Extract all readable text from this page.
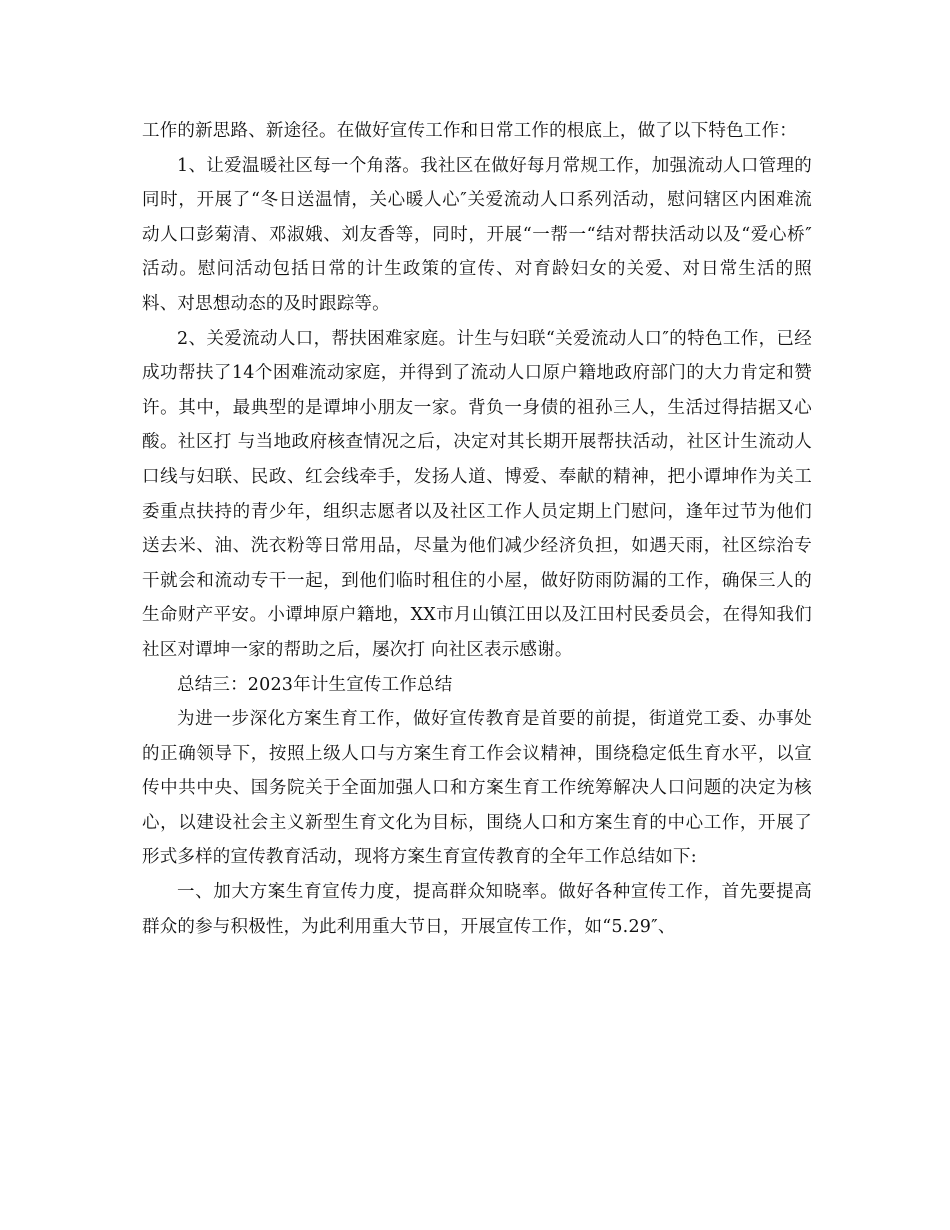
工作的新思路、新途径。在做好宣传工作和日常工作的根底上，做了以下特色工作：

1、让爱温暖社区每一个角落。我社区在做好每月常规工作，加强流动人口管理的同时，开展了“冬日送温情，关心暖人心″关爱流动人口系列活动，慰问辖区内困难流动人口彭菊清、邓淑娥、刘友香等，同时，开展“一帮一“结对帮扶活动以及“爱心桥″活动。慰问活动包括日常的计生政策的宣传、对育龄妇女的关爱、对日常生活的照料、对思想动态的及时跟踪等。

2、关爱流动人口，帮扶困难家庭。计生与妇联“关爱流动人口″的特色工作，已经成功帮扶了14个困难流动家庭，并得到了流动人口原户籍地政府部门的大力肯定和赞许。其中，最典型的是谭坤小朋友一家。背负一身债的祖孙三人，生活过得拮据又心酸。社区打 与当地政府核查情况之后，决定对其长期开展帮扶活动，社区计生流动人口线与妇联、民政、红会线牵手，发扬人道、博爱、奉献的精神，把小谭坤作为关工委重点扶持的青少年，组织志愿者以及社区工作人员定期上门慰问，逢年过节为他们送去米、油、洗衣粉等日常用品，尽量为他们减少经济负担，如遇天雨，社区综治专干就会和流动专干一起，到他们临时租住的小屋，做好防雨防漏的工作，确保三人的生命财产平安。小谭坤原户籍地，XX市月山镇江田以及江田村民委员会，在得知我们社区对谭坤一家的帮助之后，屡次打 向社区表示感谢。

总结三：2023年计生宣传工作总结

为进一步深化方案生育工作，做好宣传教育是首要的前提，街道党工委、办事处的正确领导下，按照上级人口与方案生育工作会议精神，围绕稳定低生育水平，以宣传中共中央、国务院关于全面加强人口和方案生育工作统筹解决人口问题的决定为核心，以建设社会主义新型生育文化为目标，围绕人口和方案生育的中心工作，开展了形式多样的宣传教育活动，现将方案生育宣传教育的全年工作总结如下:

一、加大方案生育宣传力度，提高群众知晓率。做好各种宣传工作，首先要提高群众的参与积极性，为此利用重大节日，开展宣传工作，如“5.29″、
